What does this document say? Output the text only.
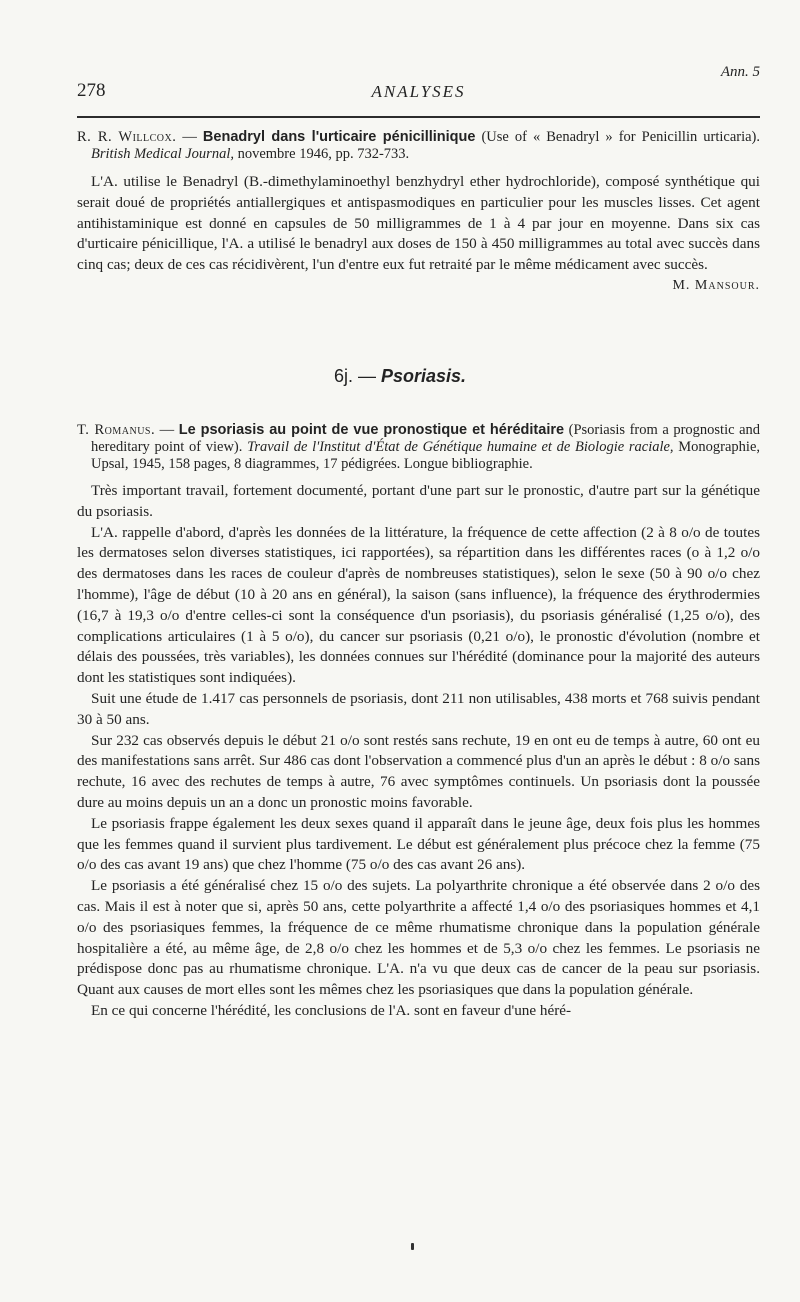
278	ANALYSES
Ann. 5

R. R. Willcox. — Benadryl dans l'urticaire pénicillinique (Use of « Benadryl » for Penicillin urticaria). British Medical Journal, novembre 1946, pp. 732-733.

L'A. utilise le Benadryl (B.-dimethylaminoethyl benzhydryl ether hydrochloride), composé synthétique qui serait doué de propriétés antiallergiques et antispasmodiques en particulier pour les muscles lisses. Cet agent antihistaminique est donné en capsules de 50 milligrammes de 1 à 4 par jour en moyenne. Dans six cas d'urticaire pénicillique, l'A. a utilisé le benadryl aux doses de 150 à 450 milligrammes au total avec succès dans cinq cas; deux de ces cas récidivèrent, l'un d'entre eux fut retraité par le même médicament avec succès.

M. Mansour.

6j. — Psoriasis.

T. Romanus. — Le psoriasis au point de vue pronostique et héréditaire (Psoriasis from a prognostic and hereditary point of view). Travail de l'Institut d'État de Génétique humaine et de Biologie raciale, Monographie, Upsal, 1945, 158 pages, 8 diagrammes, 17 pédigrées. Longue bibliographie.

Très important travail, fortement documenté, portant d'une part sur le pronostic, d'autre part sur la génétique du psoriasis.

L'A. rappelle d'abord, d'après les données de la littérature, la fréquence de cette affection (2 à 8 o/o de toutes les dermatoses selon diverses statistiques, ici rapportées), sa répartition dans les différentes races (o à 1,2 o/o des dermatoses dans les races de couleur d'après de nombreuses statistiques), selon le sexe (50 à 90 o/o chez l'homme), l'âge de début (10 à 20 ans en général), la saison (sans influence), la fréquence des érythrodermies (16,7 à 19,3 o/o d'entre celles-ci sont la conséquence d'un psoriasis), du psoriasis généralisé (1,25 o/o), des complications articulaires (1 à 5 o/o), du cancer sur psoriasis (0,21 o/o), le pronostic d'évolution (nombre et délais des poussées, très variables), les données connues sur l'hérédité (dominance pour la majorité des auteurs dont les statistiques sont indiquées).

Suit une étude de 1.417 cas personnels de psoriasis, dont 211 non utilisables, 438 morts et 768 suivis pendant 30 à 50 ans.

Sur 232 cas observés depuis le début 21 o/o sont restés sans rechute, 19 en ont eu de temps à autre, 60 ont eu des manifestations sans arrêt. Sur 486 cas dont l'observation a commencé plus d'un an après le début : 8 o/o sans rechute, 16 avec des rechutes de temps à autre, 76 avec symptômes continuels. Un psoriasis dont la poussée dure au moins depuis un an a donc un pronostic moins favorable.

Le psoriasis frappe également les deux sexes quand il apparaît dans le jeune âge, deux fois plus les hommes que les femmes quand il survient plus tardivement. Le début est généralement plus précoce chez la femme (75 o/o des cas avant 19 ans) que chez l'homme (75 o/o des cas avant 26 ans).

Le psoriasis a été généralisé chez 15 o/o des sujets. La polyarthrite chronique a été observée dans 2 o/o des cas. Mais il est à noter que si, après 50 ans, cette polyarthrite a affecté 1,4 o/o des psoriasiques hommes et 4,1 o/o des psoriasiques femmes, la fréquence de ce même rhumatisme chronique dans la population générale hospitalière a été, au même âge, de 2,8 o/o chez les hommes et de 5,3 o/o chez les femmes. Le psoriasis ne prédispose donc pas au rhumatisme chronique. L'A. n'a vu que deux cas de cancer de la peau sur psoriasis. Quant aux causes de mort elles sont les mêmes chez les psoriasiques que dans la population générale.

En ce qui concerne l'hérédité, les conclusions de l'A. sont en faveur d'une héré-
